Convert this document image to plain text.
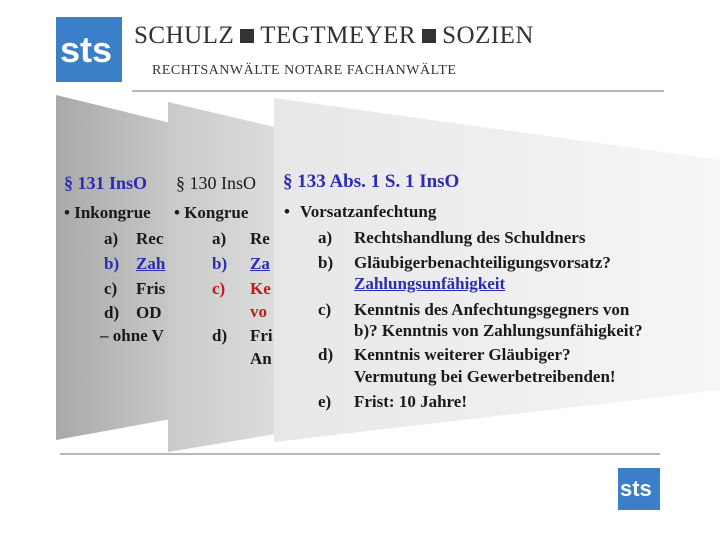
sts SCHULZ TEGTMEYER SOZIEN
RECHTSANWÄLTE NOTARE FACHANWÄLTE
§ 131 InsO
• Inkongrue
a) Rec
b) Zah
c) Fris
d) OD
– ohne V
§ 130 InsO
• Kongrue
a) Re
b) Za
c) Ke
vo
d) Fri
An
§ 133 Abs. 1 S. 1 InsO
• Vorsatzanfechtung
a) Rechtshandlung des Schuldners
b) Gläubigerbenachteiligungsvorsatz?
Zahlungsunfähigkeit
c) Kenntnis des Anfechtungsgegners von
b)? Kenntnis von Zahlungsunfähigkeit?
d) Kenntnis weiterer Gläubiger?
Vermutung bei Gewerbetreibenden!
e) Frist: 10 Jahre!
sts
